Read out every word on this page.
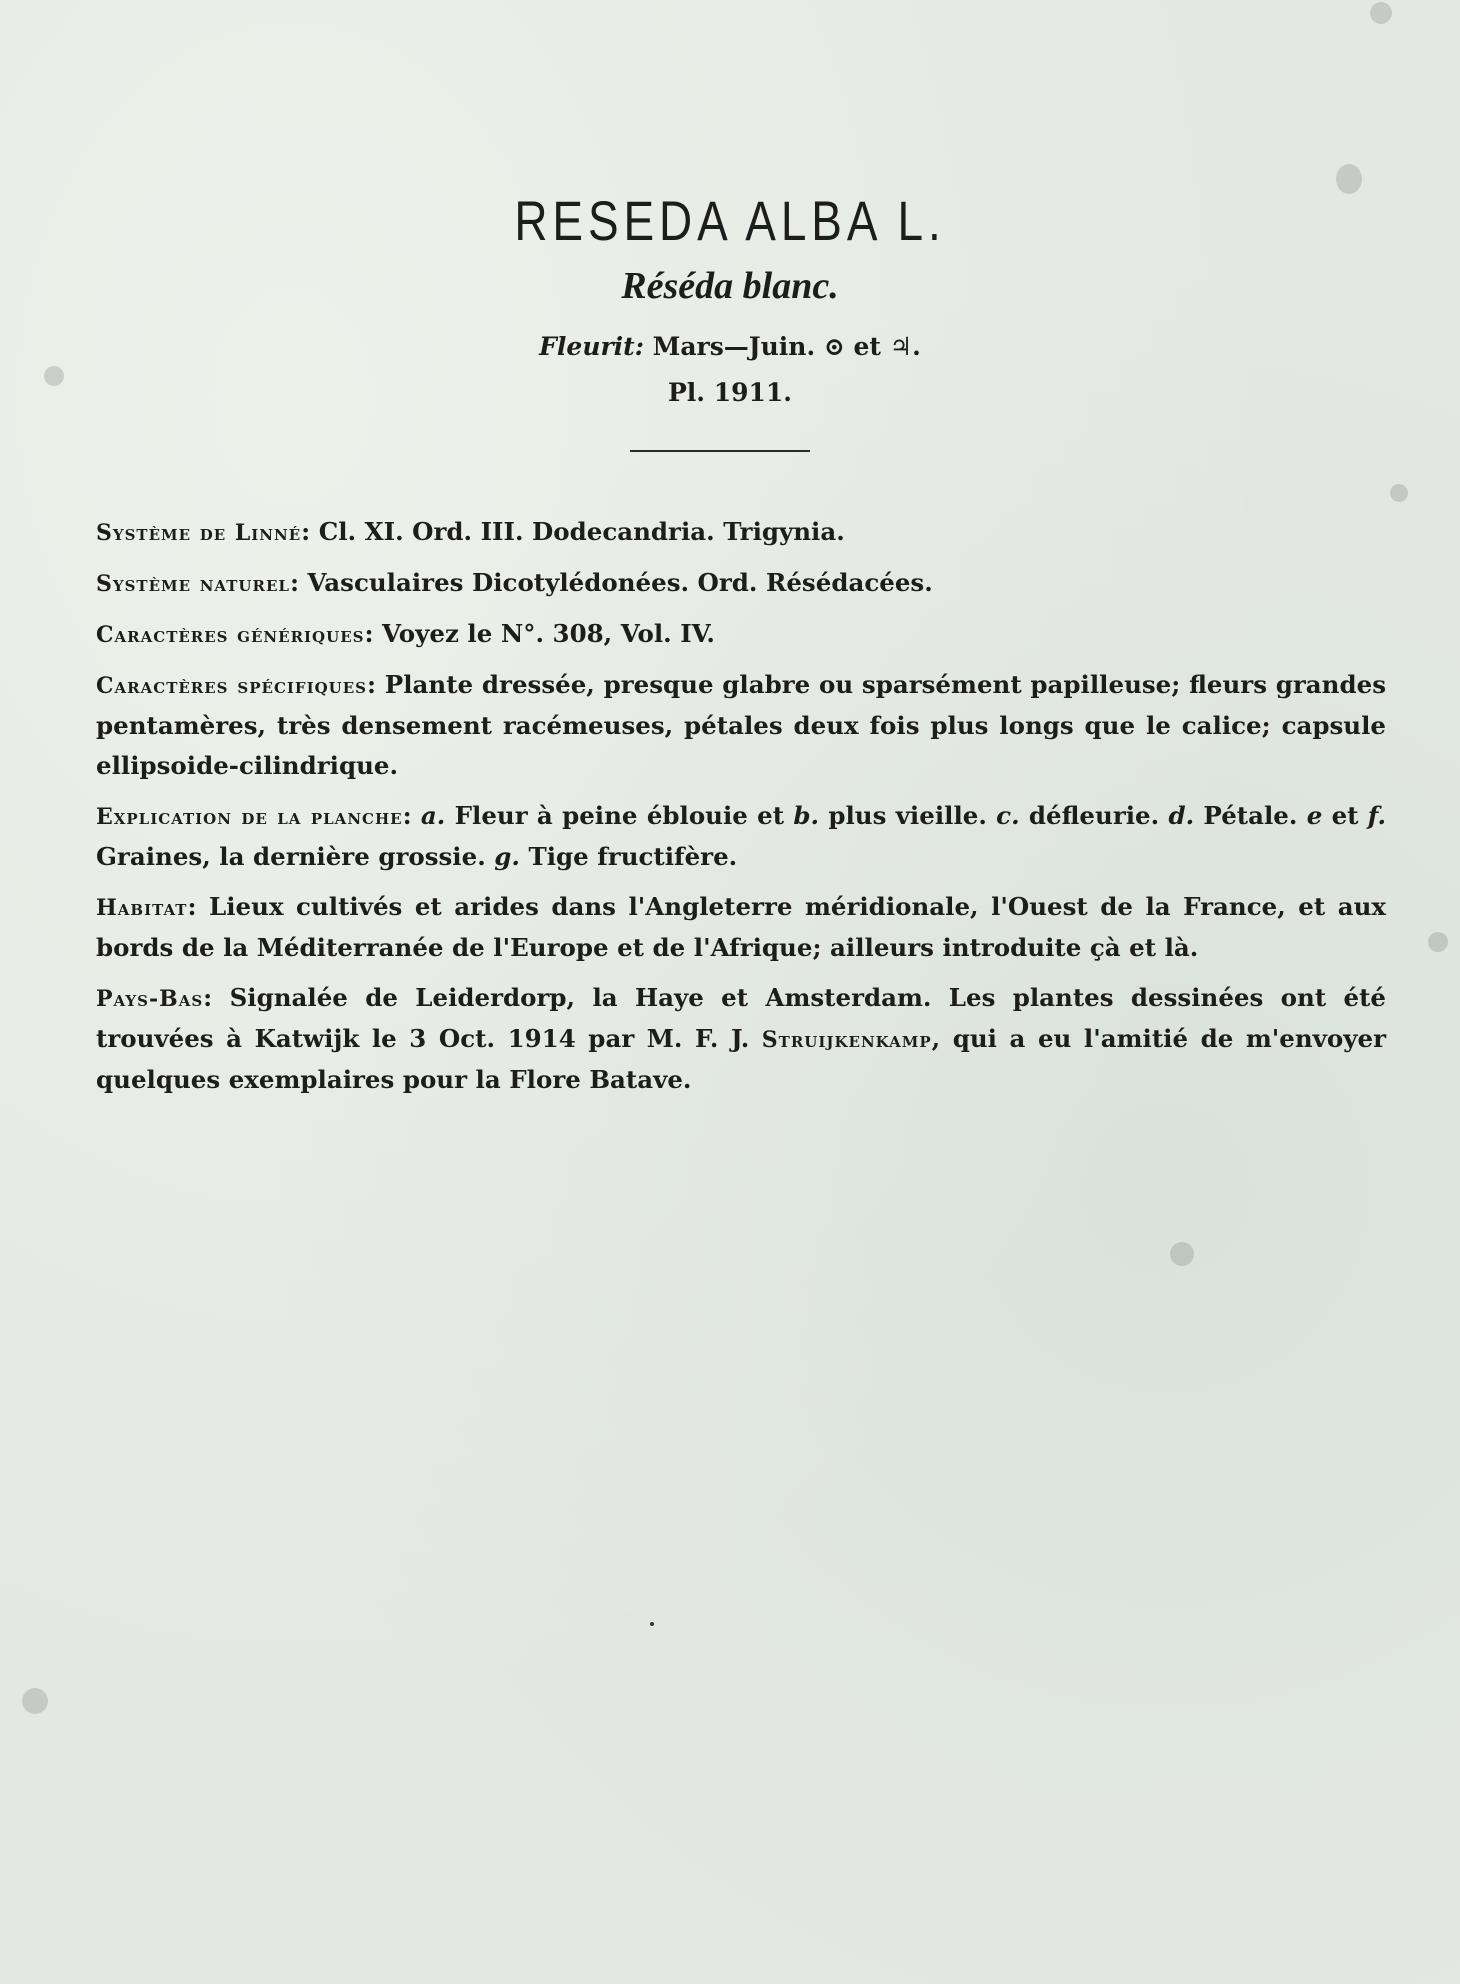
RESEDA ALBA L.
Réséda blanc.

Fleurit: Mars—Juin. ⊙ et ♃.

Pl. 1911.

Système de Linné: Cl. XI. Ord. III. Dodecandria. Trigynia.

Système naturel: Vasculaires Dicotylédonées. Ord. Résédacées.

Caractères génériques: Voyez le N°. 308, Vol. IV.

Caractères spécifiques: Plante dressée, presque glabre ou sparsément papilleuse; fleurs grandes pentamères, très densement racémeuses, pétales deux fois plus longs que le calice; capsule ellipsoide-cilindrique.

Explication de la planche: a. Fleur à peine éblouie et b. plus vieille. c. défleurie. d. Pétale. e et f. Graines, la dernière grossie. g. Tige fructifère.

Habitat: Lieux cultivés et arides dans l'Angleterre méridionale, l'Ouest de la France, et aux bords de la Méditerranée de l'Europe et de l'Afrique; ailleurs introduite çà et là.

Pays-Bas: Signalée de Leiderdorp, la Haye et Amsterdam. Les plantes dessinées ont été trouvées à Katwijk le 3 Oct. 1914 par M. F. J. Struijkenkamp, qui a eu l'amitié de m'envoyer quelques exemplaires pour la Flore Batave.
